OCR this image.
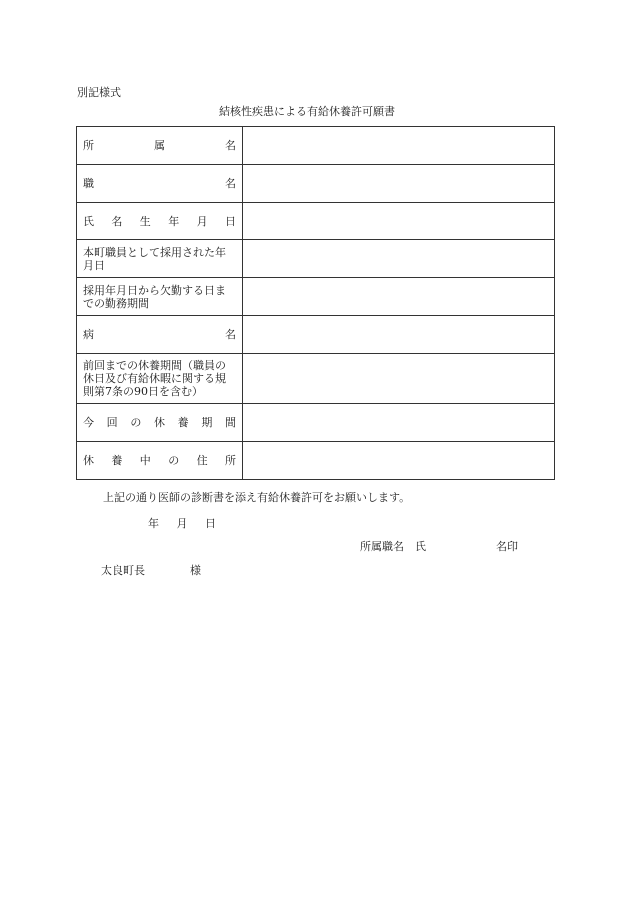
別記様式
結核性疾患による有給休養許可願書
所　　属　　名	
職　　　　　名	
氏名生年月日	
本町職員として採用された年月日	
採用年月日から欠勤する日までの勤務期間	
病　　　　　名	
前回までの休養期間（職員の休日及び有給休暇に関する規則第7条の90日を含む）	
今回の休養期間	
休養中の住所	
上記の通り医師の診断書を添え有給休養許可をお願いします。
年 月 日
所属職名　氏	名印
太良町長	様
